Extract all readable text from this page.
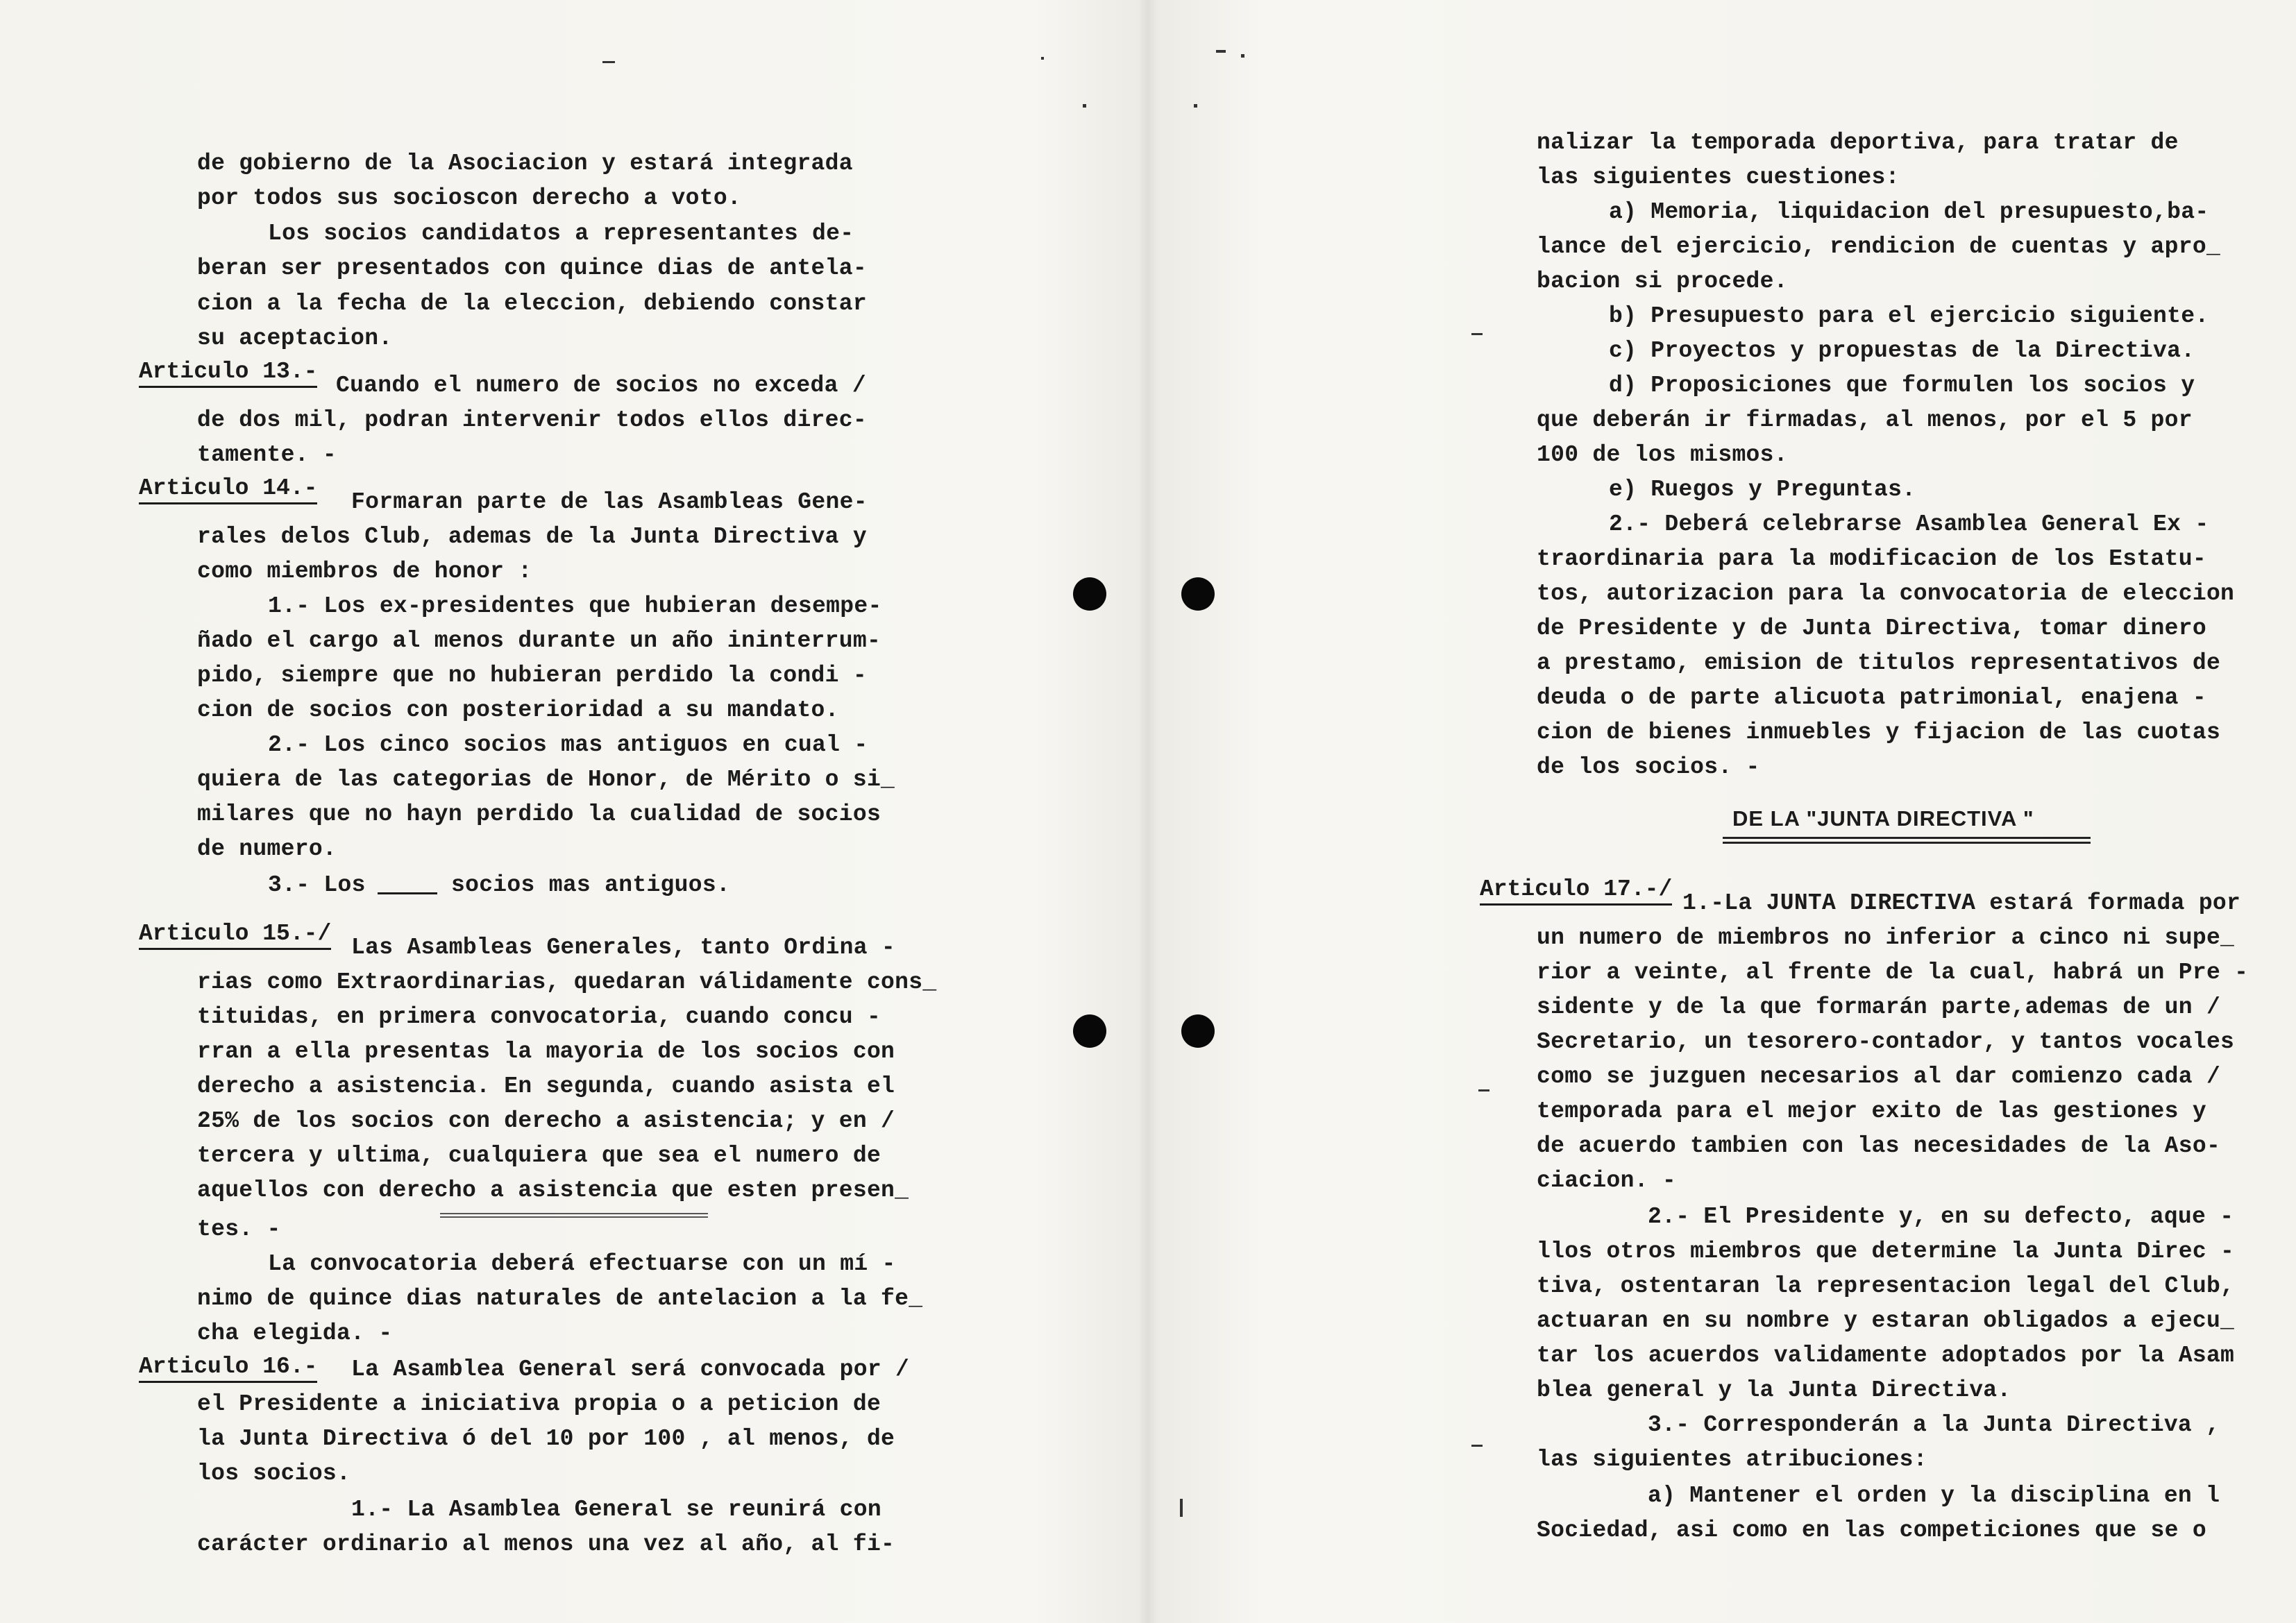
de gobierno de la Asociacion y estará integrada
por todos sus socioscon derecho a voto.
Los socios candidatos a representantes de-
beran ser presentados con quince dias de antela-
cion a la fecha de la eleccion, debiendo constar
su aceptacion.
Articulo 13.-
Cuando el numero de socios no exceda /
de dos mil, podran intervenir todos ellos direc-
tamente. -
Articulo 14.-
Formaran parte de las Asambleas Gene-
rales delos Club, ademas de la Junta Directiva y
como miembros de honor :
1.- Los ex-presidentes que hubieran desempe-
ñado el cargo al menos durante un año ininterrum-
pido, siempre que no hubieran perdido la condi -
cion de socios con posterioridad a su mandato.
2.- Los cinco socios mas antiguos en cual -
quiera de las categorias de Honor, de Mérito o si_
milares que no hayn perdido la cualidad de socios
de numero.
3.- Los	socios mas antiguos.
Articulo 15.-/
Las Asambleas Generales, tanto Ordina -
rias como Extraordinarias, quedaran válidamente cons_
tituidas, en primera convocatoria, cuando concu -
rran a ella presentas la mayoria de los socios con
derecho a asistencia. En segunda, cuando asista el
25% de los socios con derecho a asistencia; y en /
tercera y ultima, cualquiera que sea el numero de
aquellos con derecho a asistencia que esten presen_
tes. -
La convocatoria deberá efectuarse con un mí -
nimo de quince dias naturales de antelacion a la fe_
cha elegida. -
Articulo 16.- La Asamblea General será convocada por /
el Presidente a iniciativa propia o a peticion de
la Junta Directiva ó del 10 por 100 , al menos, de
los socios.
1.- La Asamblea General se reunirá con
carácter ordinario al menos una vez al año, al fi-
nalizar la temporada deportiva, para tratar de
las siguientes cuestiones:
a) Memoria, liquidacion del presupuesto,ba-
lance del ejercicio, rendicion de cuentas y apro_
bacion si procede.
b) Presupuesto para el ejercicio siguiente.
c) Proyectos y propuestas de la Directiva.
d) Proposiciones que formulen los socios y
que deberán ir firmadas, al menos, por el 5 por
100 de los mismos.
e) Ruegos y Preguntas.
2.- Deberá celebrarse Asamblea General Ex -
traordinaria para la modificacion de los Estatu-
tos, autorizacion para la convocatoria de eleccion
de Presidente y de Junta Directiva, tomar dinero
a prestamo, emision de titulos representativos de
deuda o de parte alicuota patrimonial, enajena -
cion de bienes inmuebles y fijacion de las cuotas
de los socios. -
DE LA "JUNTA DIRECTIVA "
Articulo 17.-/
1.-La JUNTA DIRECTIVA estará formada por
un numero de miembros no inferior a cinco ni supe_
rior a veinte, al frente de la cual, habrá un Pre -
sidente y de la que formarán parte,ademas de un /
Secretario, un tesorero-contador, y tantos vocales
como se juzguen necesarios al dar comienzo cada /
temporada para el mejor exito de las gestiones y
de acuerdo tambien con las necesidades de la Aso-
ciacion. -
2.- El Presidente y, en su defecto, aque -
llos otros miembros que determine la Junta Direc -
tiva, ostentaran la representacion legal del Club,
actuaran en su nombre y estaran obligados a ejecu_
tar los acuerdos validamente adoptados por la Asam
blea general y la Junta Directiva.
3.- Corresponderán a la Junta Directiva ,
las siguientes atribuciones:
a) Mantener el orden y la disciplina en l
Sociedad, asi como en las competiciones que se o
